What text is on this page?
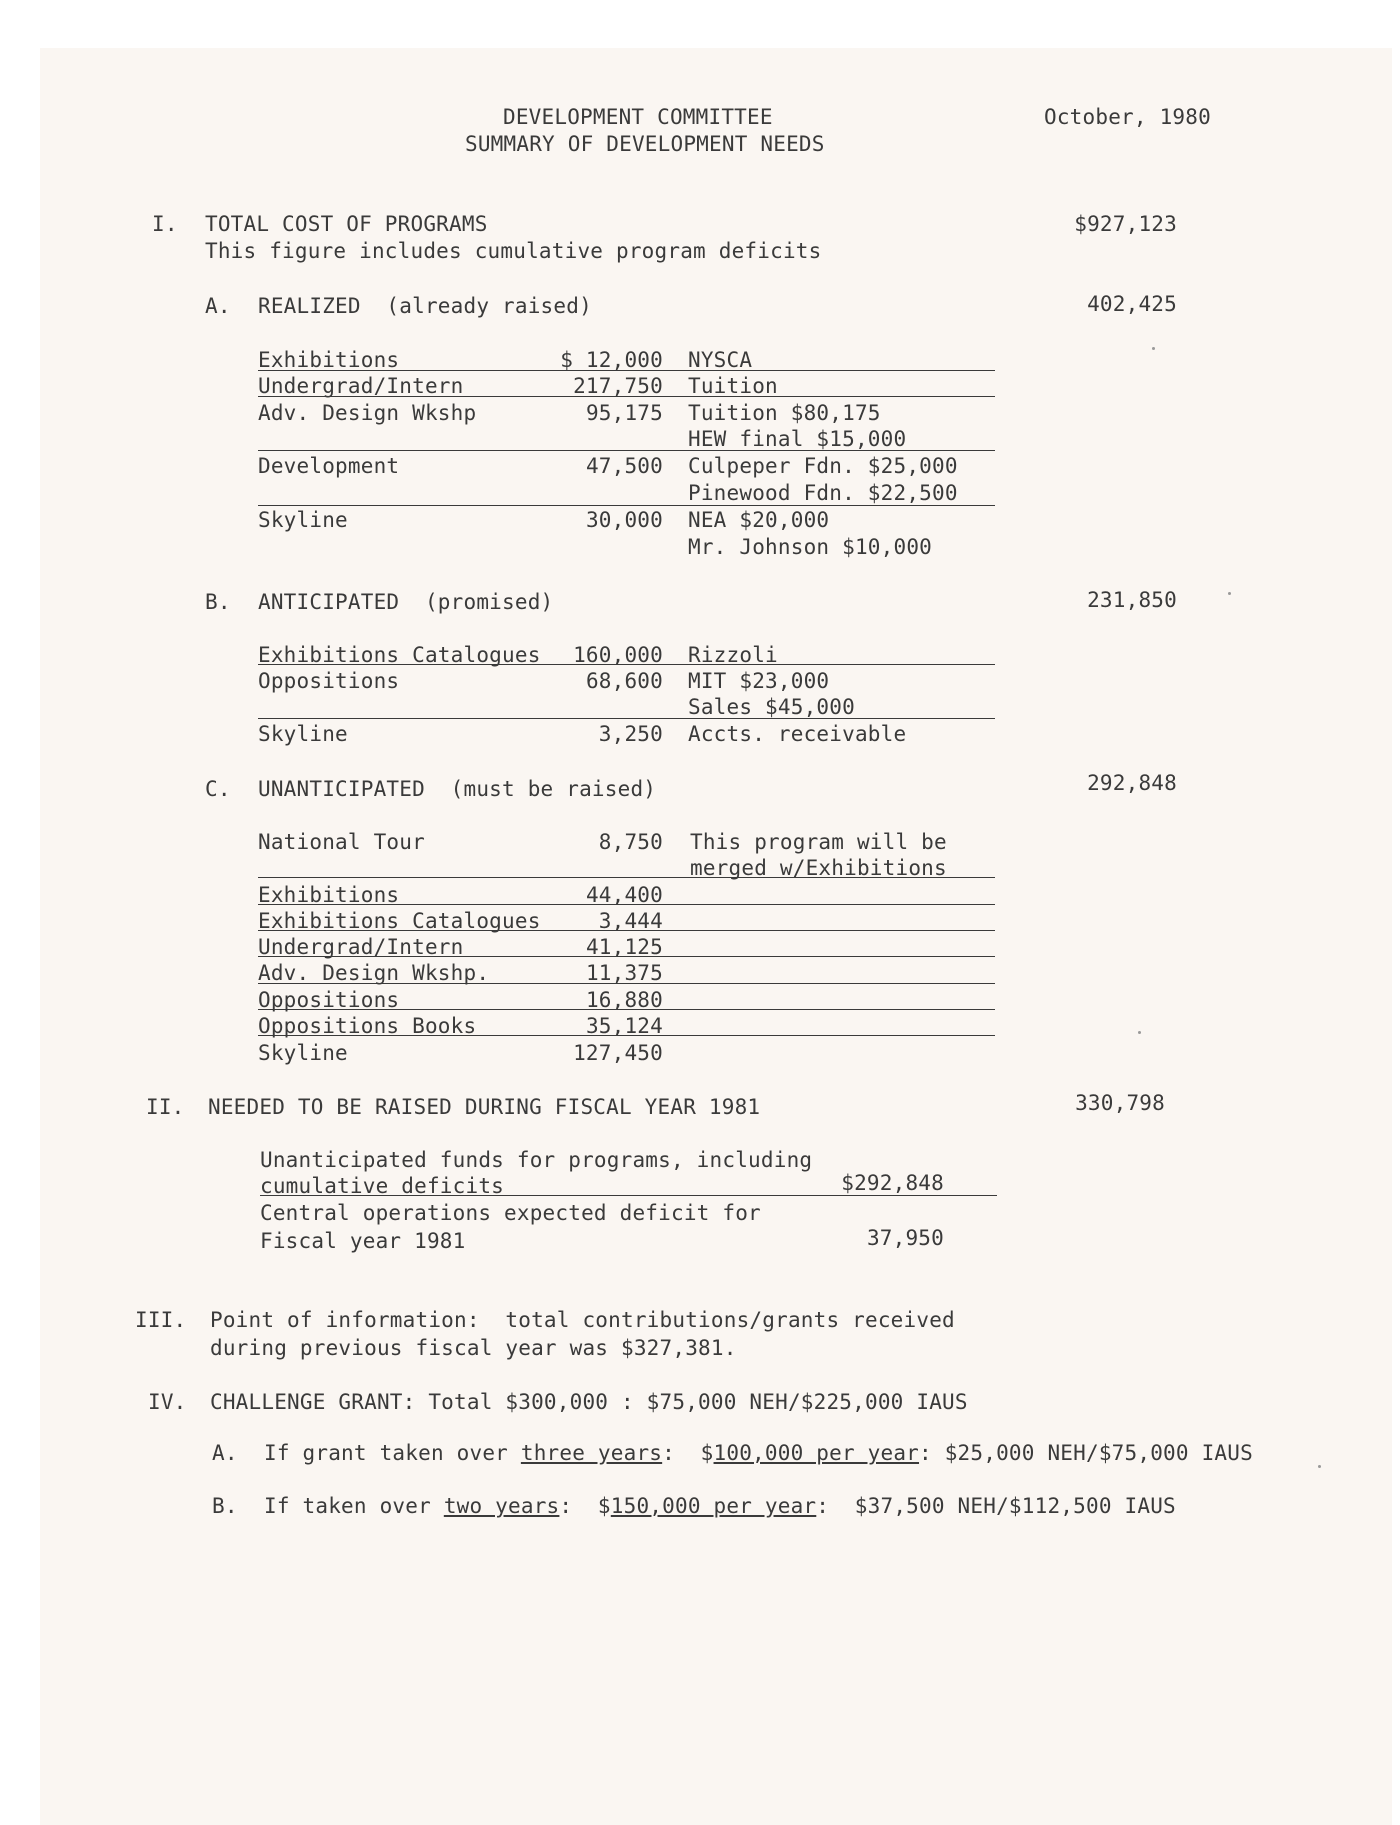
DEVELOPMENT COMMITTEE
SUMMARY OF DEVELOPMENT NEEDS
October, 1980
I. TOTAL COST OF PROGRAMS
This figure includes cumulative program deficits
$927,123
A. REALIZED  (already raised)	402,425
Exhibitions	$ 12,000 NYSCA
Undergrad/Intern	217,750 Tuition
Adv. Design Wkshp	95,175 Tuition $80,175
HEW final $15,000
Development	47,500 Culpeper Fdn. $25,000
Pinewood Fdn. $22,500
Skyline	30,000 NEA $20,000
Mr. Johnson $10,000
B. ANTICIPATED  (promised)	231,850
Exhibitions Catalogues	160,000 Rizzoli
Oppositions	68,600 MIT $23,000
Sales $45,000
Skyline	3,250 Accts. receivable
C. UNANTICIPATED  (must be raised)	292,848
National Tour	8,750 This program will be
merged w/Exhibitions
Exhibitions	44,400
Exhibitions Catalogues	3,444
Undergrad/Intern	41,125
Adv. Design Wkshp.	11,375
Oppositions	16,880
Oppositions Books	35,124
Skyline	127,450
II. NEEDED TO BE RAISED DURING FISCAL YEAR 1981	330,798
Unanticipated funds for programs, including
cumulative deficits	$292,848
Central operations expected deficit for
Fiscal year 1981	37,950
III. Point of information:  total contributions/grants received
during previous fiscal year was $327,381.
IV. CHALLENGE GRANT: Total $300,000 : $75,000 NEH/$225,000 IAUS
A. If grant taken over three years:  $100,000 per year: $25,000 NEH/$75,000 IAUS
B. If taken over two years:  $150,000 per year:  $37,500 NEH/$112,500 IAUS
